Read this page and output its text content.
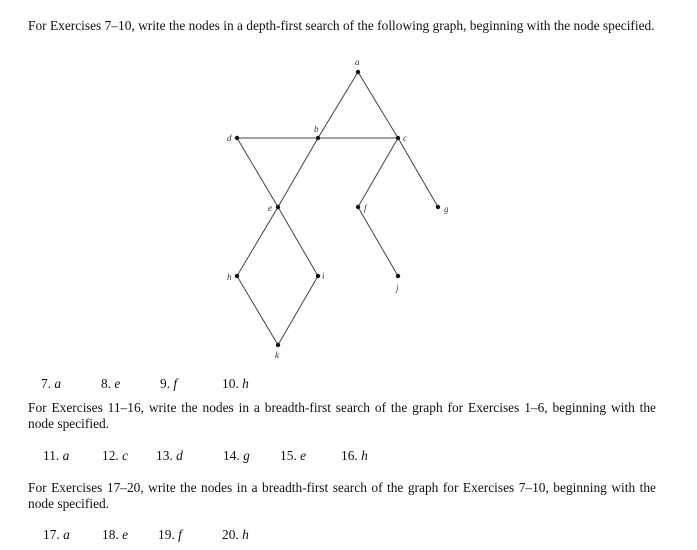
For Exercises 7–10, write the nodes in a depth-first search of the following graph, beginning with the node specified.

a
b
c
d
e	f	g
h	i
j
k
7. a	8. e	9. f	10. h

For Exercises 11–16, write the nodes in a breadth-first search of the graph for Exercises 1–6, beginning with the node specified.

11. a 12. c 13. d	14. g 15. e	16. h

For Exercises 17–20, write the nodes in a breadth-first search of the graph for Exercises 7–10, beginning with the node specified.

17. a 18. e 19. f	20. h
